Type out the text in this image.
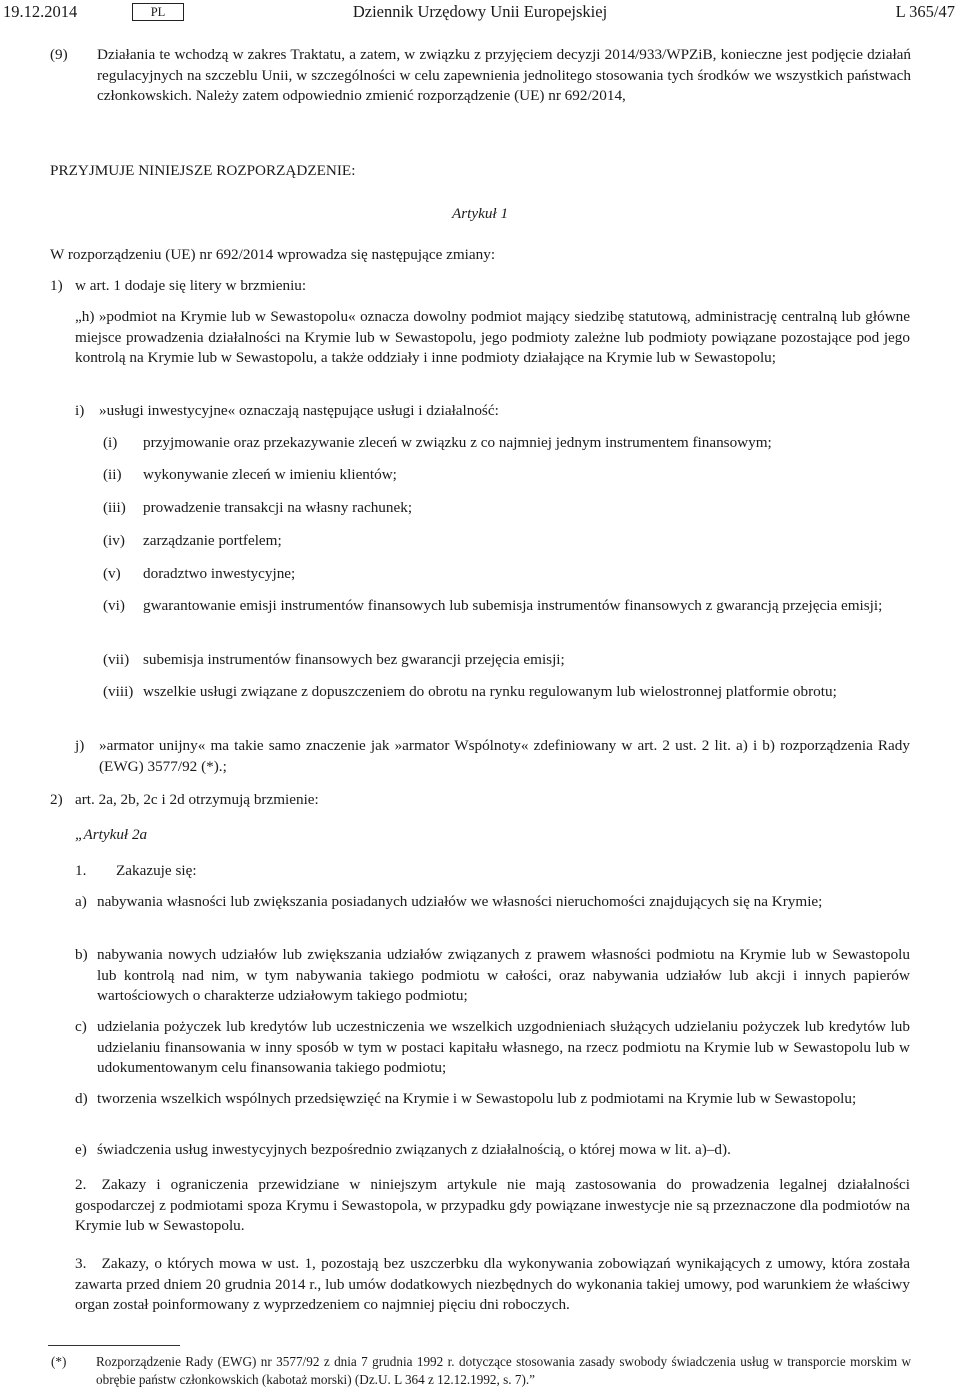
19.12.2014	Dziennik Urzędowy Unii Europejskiej
PL	L 365/47
(9) Działania te wchodzą w zakres Traktatu, a zatem, w związku z przyjęciem decyzji 2014/933/WPZiB, konieczne jest podjęcie działań regulacyjnych na szczeblu Unii, w szczególności w celu zapewnienia jednolitego stosowania tych środków we wszystkich państwach członkowskich. Należy zatem odpowiednio zmienić rozporządzenie (UE) nr 692/2014,
PRZYJMUJE NINIEJSZE ROZPORZĄDZENIE:
Artykuł 1
W rozporządzeniu (UE) nr 692/2014 wprowadza się następujące zmiany:
1) w art. 1 dodaje się litery w brzmieniu:

„h) »podmiot na Krymie lub w Sewastopolu« oznacza dowolny podmiot mający siedzibę statutową, administrację centralną lub główne miejsce prowadzenia działalności na Krymie lub w Sewastopolu, jego podmioty zależne lub podmioty powiązane pozostające pod jego kontrolą na Krymie lub w Sewastopolu, a także oddziały i inne podmioty działające na Krymie lub w Sewastopolu;

i) »usługi inwestycyjne« oznaczają następujące usługi i działalność:
(i) przyjmowanie oraz przekazywanie zleceń w związku z co najmniej jednym instrumentem finansowym;
(ii) wykonywanie zleceń w imieniu klientów;
(iii) prowadzenie transakcji na własny rachunek;
(iv) zarządzanie portfelem;
(v) doradztwo inwestycyjne;
(vi) gwarantowanie emisji instrumentów finansowych lub subemisja instrumentów finansowych z gwarancją przejęcia emisji;
(vii) subemisja instrumentów finansowych bez gwarancji przejęcia emisji;
(viii) wszelkie usługi związane z dopuszczeniem do obrotu na rynku regulowanym lub wielostronnej platformie obrotu;
j) »armator unijny« ma takie samo znaczenie jak »armator Wspólnoty« zdefiniowany w art. 2 ust. 2 lit. a) i b) rozporządzenia Rady (EWG) 3577/92 (*).;
2) art. 2a, 2b, 2c i 2d otrzymują brzmienie:
„Artykuł 2a
1. Zakazuje się:
a) nabywania własności lub zwiększania posiadanych udziałów we własności nieruchomości znajdujących się na Krymie;
b) nabywania nowych udziałów lub zwiększania udziałów związanych z prawem własności podmiotu na Krymie lub w Sewastopolu lub kontrolą nad nim, w tym nabywania takiego podmiotu w całości, oraz nabywania udziałów lub akcji i innych papierów wartościowych o charakterze udziałowym takiego podmiotu;
c) udzielania pożyczek lub kredytów lub uczestniczenia we wszelkich uzgodnieniach służących udzielaniu pożyczek lub kredytów lub udzielaniu finansowania w inny sposób w tym w postaci kapitału własnego, na rzecz podmiotu na Krymie lub w Sewastopolu lub w udokumentowanym celu finansowania takiego podmiotu;
d) tworzenia wszelkich wspólnych przedsięwzięć na Krymie i w Sewastopolu lub z podmiotami na Krymie lub w Sewastopolu;
e) świadczenia usług inwestycyjnych bezpośrednio związanych z działalnością, o której mowa w lit. a)–d).
2. Zakazy i ograniczenia przewidziane w niniejszym artykule nie mają zastosowania do prowadzenia legalnej działalności gospodarczej z podmiotami spoza Krymu i Sewastopola, w przypadku gdy powiązane inwestycje nie są przeznaczone dla podmiotów na Krymie lub w Sewastopolu.
3. Zakazy, o których mowa w ust. 1, pozostają bez uszczerbku dla wykonywania zobowiązań wynikających z umowy, która została zawarta przed dniem 20 grudnia 2014 r., lub umów dodatkowych niezbędnych do wykonania takiej umowy, pod warunkiem że właściwy organ został poinformowany z wyprzedzeniem co najmniej pięciu dni roboczych.
(*) Rozporządzenie Rady (EWG) nr 3577/92 z dnia 7 grudnia 1992 r. dotyczące stosowania zasady swobody świadczenia usług w transporcie morskim w obrębie państw członkowskich (kabotaż morski) (Dz.U. L 364 z 12.12.1992, s. 7).”
